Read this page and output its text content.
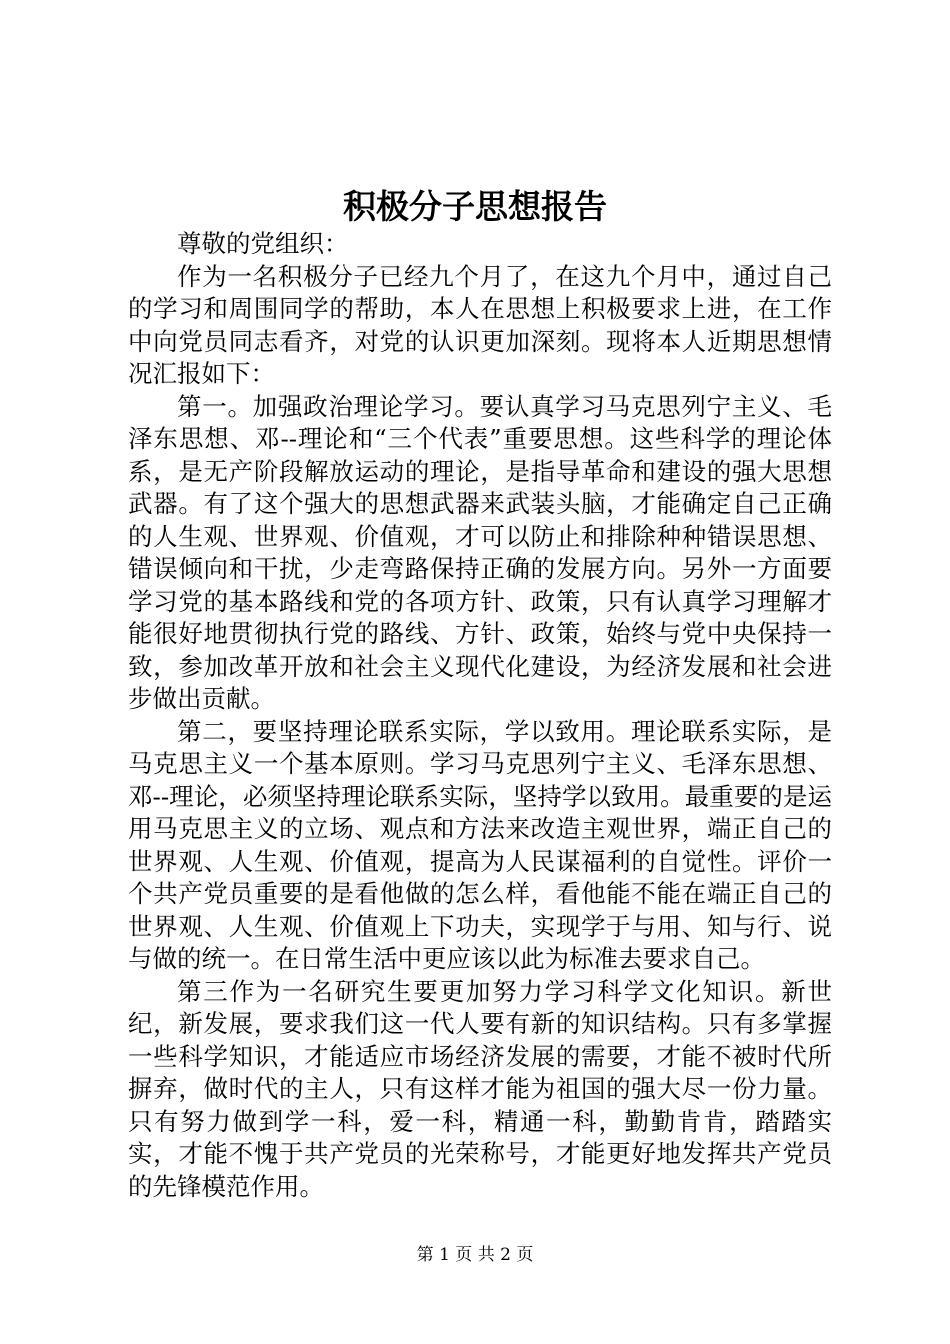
积极分子思想报告

尊敬的党组织：

作为一名积极分子已经九个月了，在这九个月中，通过自己的学习和周围同学的帮助，本人在思想上积极要求上进，在工作中向党员同志看齐，对党的认识更加深刻。现将本人近期思想情况汇报如下：

第一。加强政治理论学习。要认真学习马克思列宁主义、毛泽东思想、邓--理论和“三个代表”重要思想。这些科学的理论体系，是无产阶段解放运动的理论，是指导革命和建设的强大思想武器。有了这个强大的思想武器来武装头脑，才能确定自己正确的人生观、世界观、价值观，才可以防止和排除种种错误思想、错误倾向和干扰，少走弯路保持正确的发展方向。另外一方面要学习党的基本路线和党的各项方针、政策，只有认真学习理解才能很好地贯彻执行党的路线、方针、政策，始终与党中央保持一致，参加改革开放和社会主义现代化建设，为经济发展和社会进步做出贡献。

第二，要坚持理论联系实际，学以致用。理论联系实际，是马克思主义一个基本原则。学习马克思列宁主义、毛泽东思想、邓--理论，必须坚持理论联系实际，坚持学以致用。最重要的是运用马克思主义的立场、观点和方法来改造主观世界，端正自己的世界观、人生观、价值观，提高为人民谋福利的自觉性。评价一个共产党员重要的是看他做的怎么样，看他能不能在端正自己的世界观、人生观、价值观上下功夫，实现学于与用、知与行、说与做的统一。在日常生活中更应该以此为标准去要求自己。

第三作为一名研究生要更加努力学习科学文化知识。新世纪，新发展，要求我们这一代人要有新的知识结构。只有多掌握一些科学知识，才能适应市场经济发展的需要，才能不被时代所摒弃，做时代的主人，只有这样才能为祖国的强大尽一份力量。只有努力做到学一科，爱一科，精通一科，勤勤肯肯，踏踏实实，才能不愧于共产党员的光荣称号，才能更好地发挥共产党员的先锋模范作用。

第 1 页 共 2 页
